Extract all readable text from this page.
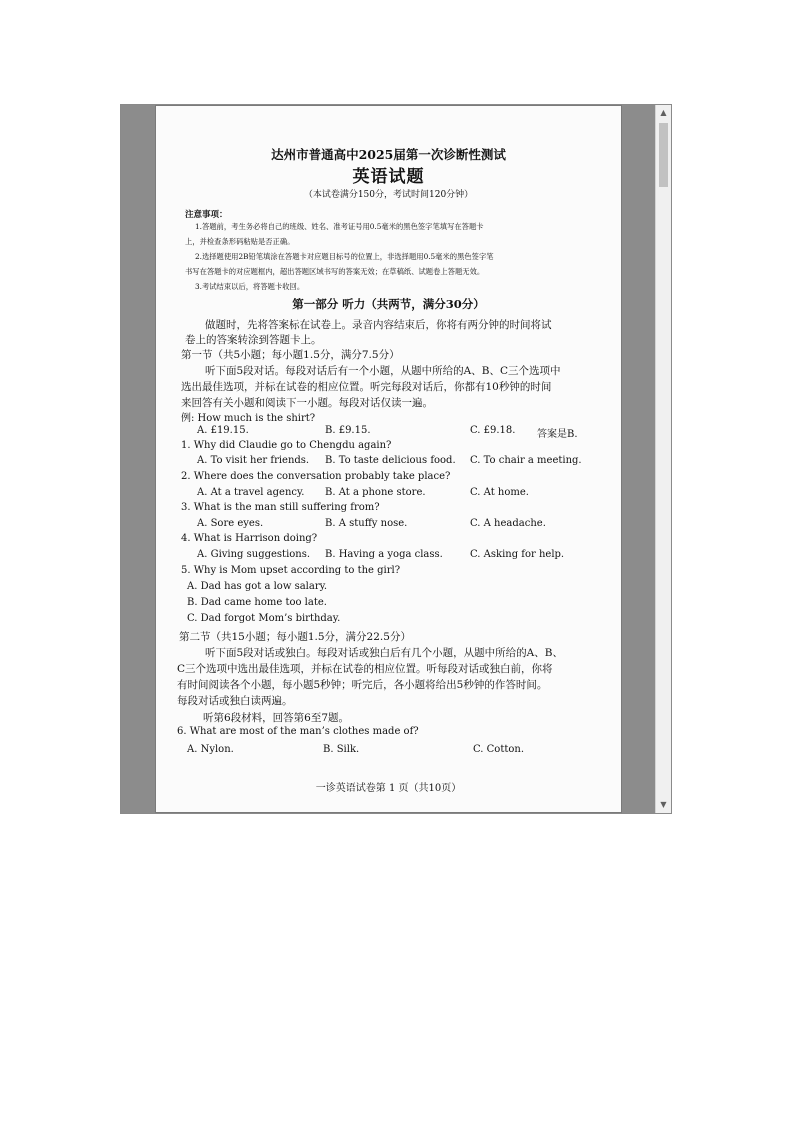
达州市普通高中2025届第一次诊断性测试
英语试题
（本试卷满分150分，考试时间120分钟）
注意事项：
1.答题前，考生务必将自己的班级、姓名、准考证号用0.5毫米的黑色签字笔填写在答题卡
上，并检查条形码粘贴是否正确。
2.选择题使用2B铅笔填涂在答题卡对应题目标号的位置上，非选择题用0.5毫米的黑色签字笔
书写在答题卡的对应题框内，超出答题区域书写的答案无效；在草稿纸、试题卷上答题无效。
3.考试结束以后，将答题卡收回。
第一部分 听力（共两节，满分30分）
做题时，先将答案标在试卷上。录音内容结束后，你将有两分钟的时间将试
卷上的答案转涂到答题卡上。
第一节（共5小题；每小题1.5分，满分7.5分）
听下面5段对话。每段对话后有一个小题，从题中所给的A、B、C三个选项中
选出最佳选项，并标在试卷的相应位置。听完每段对话后，你都有10秒钟的时间
来回答有关小题和阅读下一小题。每段对话仅读一遍。
例: How much is the shirt?
A. £19.15.	B. £9.15.	C. £9.18. 答案是B.
1. Why did Claudie go to Chengdu again?
A. To visit her friends. B. To taste delicious food. C. To chair a meeting.
2. Where does the conversation probably take place?
A. At a travel agency. B. At a phone store.	C. At home.
3. What is the man still suffering from?
A. Sore eyes.	B. A stuffy nose.	C. A headache.
4. What is Harrison doing?
A. Giving suggestions. B. Having a yoga class.	C. Asking for help.
5. Why is Mom upset according to the girl?
A. Dad has got a low salary.
B. Dad came home too late.
C. Dad forgot Mom’s birthday.
第二节（共15小题；每小题1.5分，满分22.5分）
听下面5段对话或独白。每段对话或独白后有几个小题，从题中所给的A、B、
C三个选项中选出最佳选项，并标在试卷的相应位置。听每段对话或独白前，你将
有时间阅读各个小题，每小题5秒钟；听完后，各小题将给出5秒钟的作答时间。
每段对话或独白读两遍。
听第6段材料，回答第6至7题。
6. What are most of the man’s clothes made of?
A. Nylon.	B. Silk.	C. Cotton.
一诊英语试卷第 1 页（共10页）
▲
▼
